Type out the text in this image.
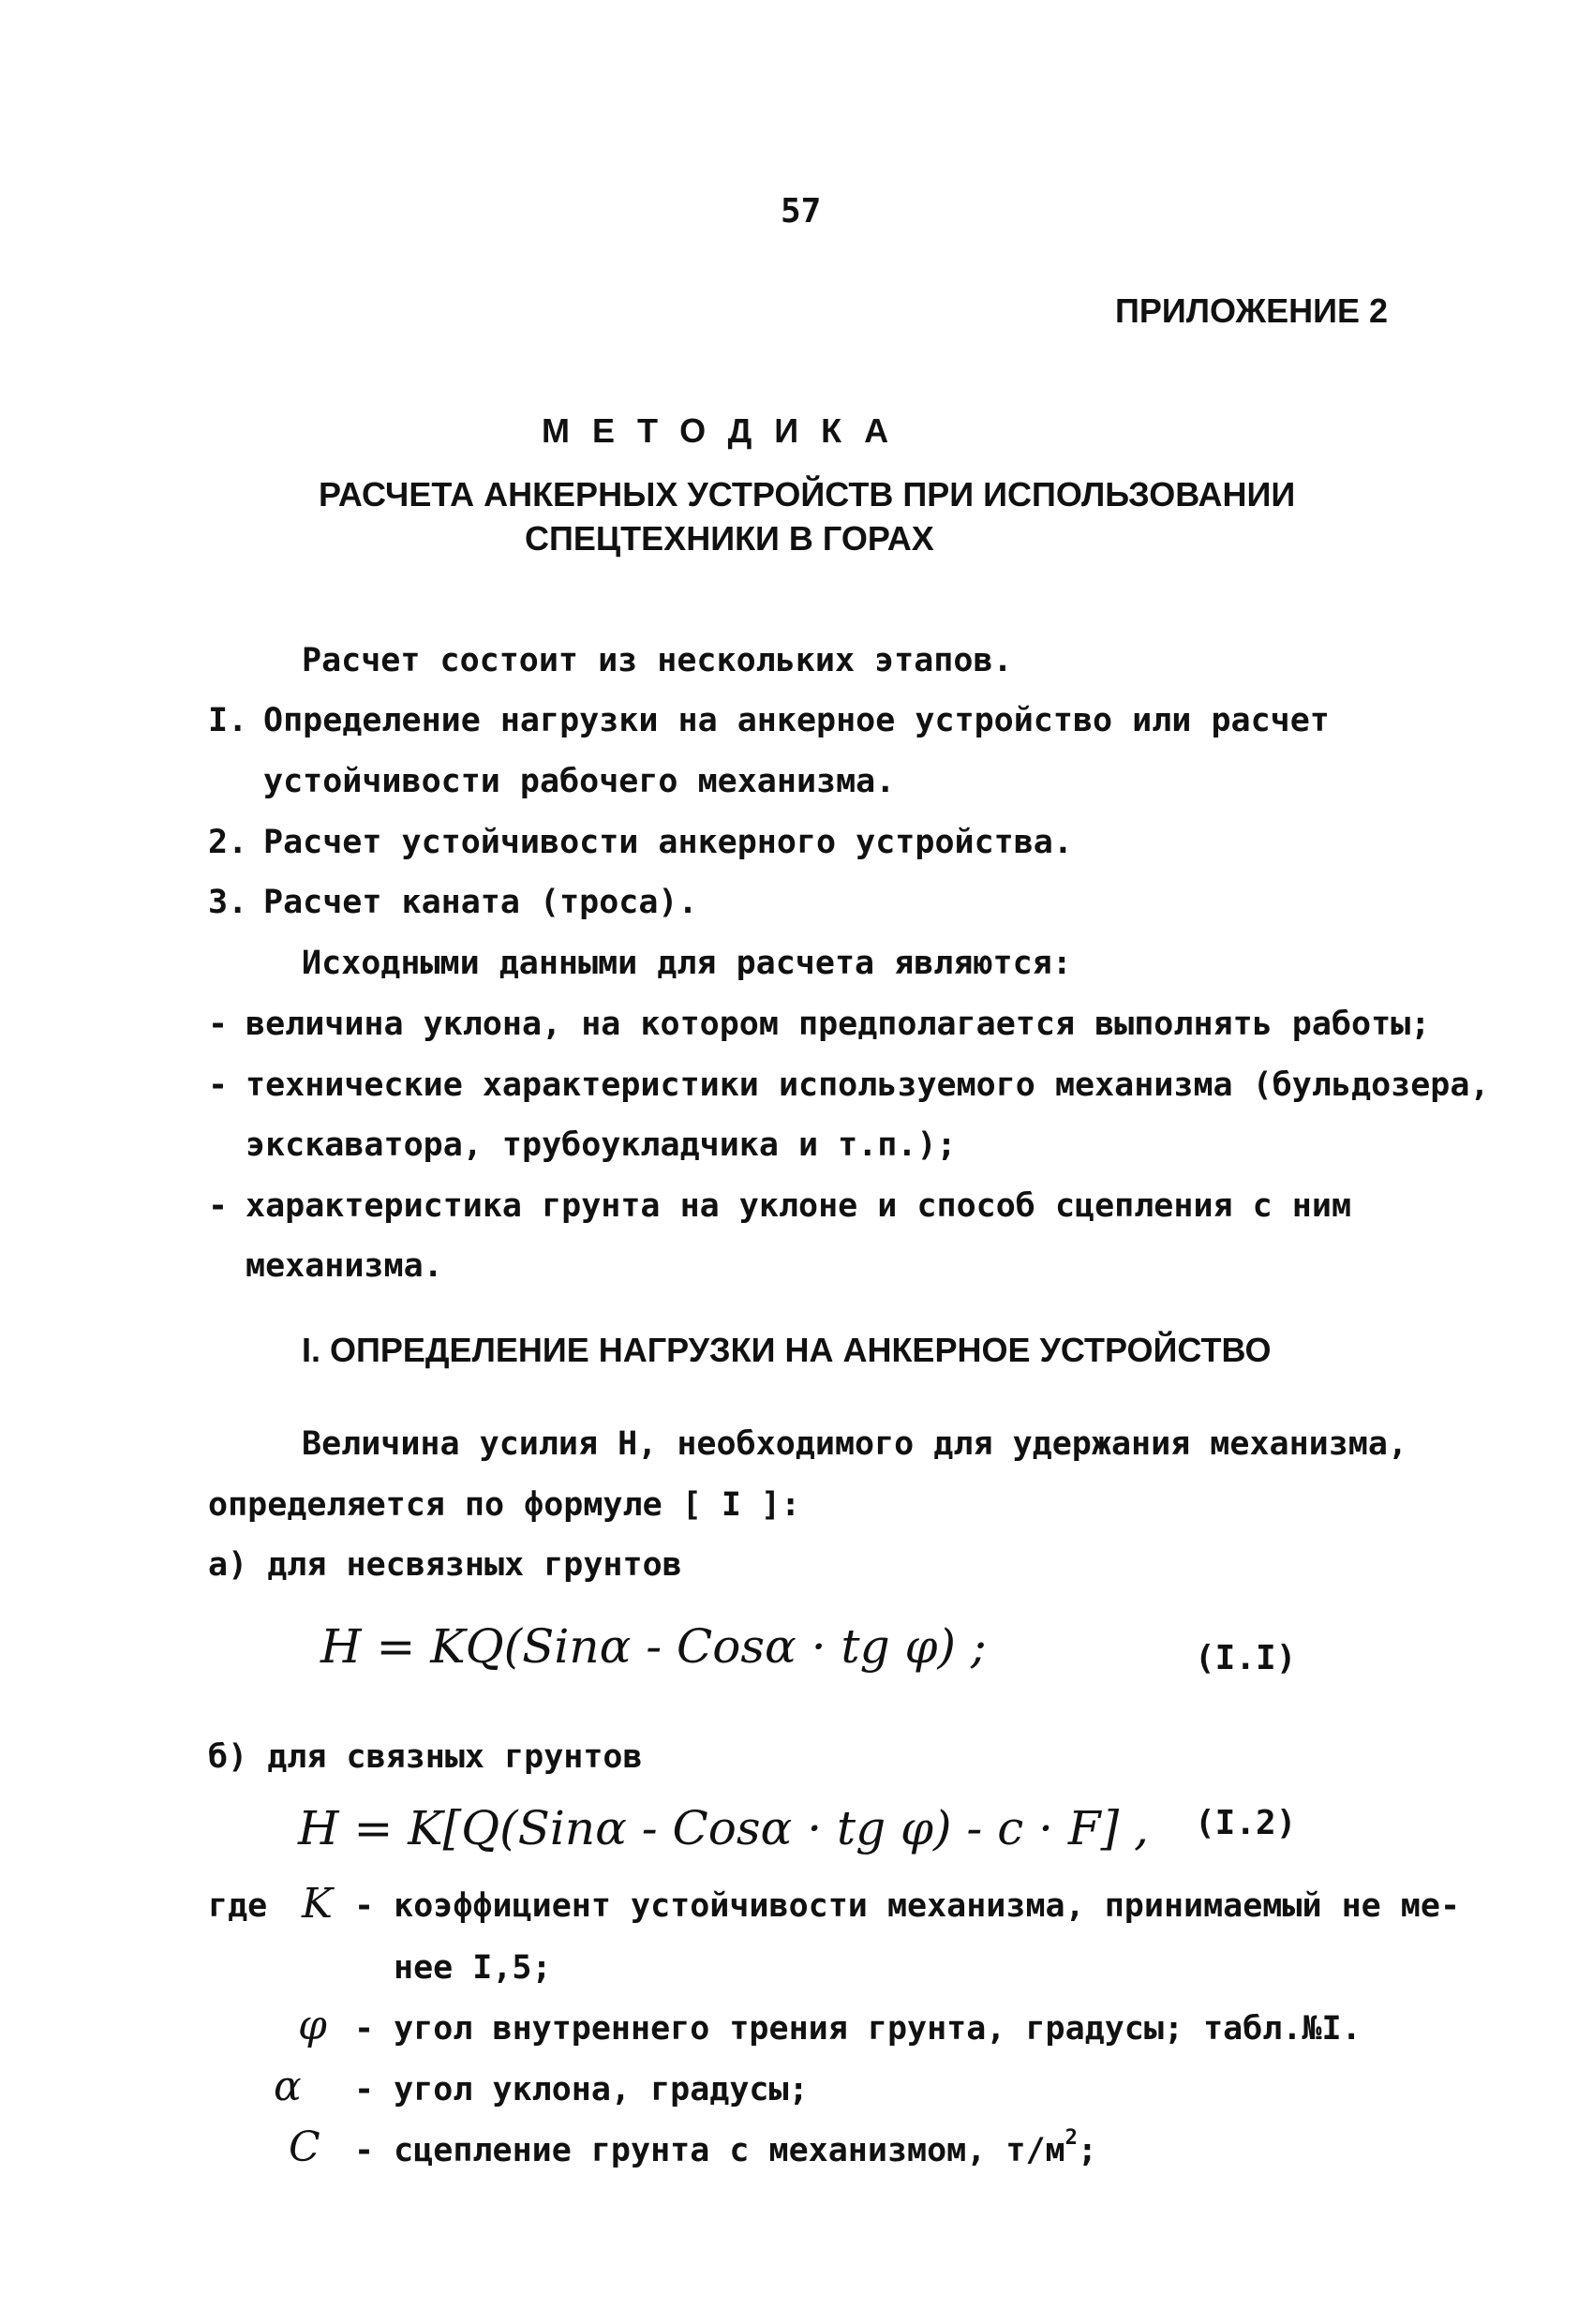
57
ПРИЛОЖЕНИЕ 2
МЕТОДИКА
РАСЧЕТА АНКЕРНЫХ УСТРОЙСТВ ПРИ ИСПОЛЬЗОВАНИИ
СПЕЦТЕХНИКИ В ГОРАХ
Расчет состоит из нескольких этапов.
I. Определение нагрузки на анкерное устройство или расчет
устойчивости рабочего механизма.
2. Расчет устойчивости анкерного устройства.
3. Расчет каната (троса).
Исходными данными для расчета являются:
- величина уклона, на котором предполагается выполнять работы;
- технические характеристики используемого механизма (бульдозера,
экскаватора, трубоукладчика и т.п.);
- характеристика грунта на уклоне и способ сцепления с ним
механизма.
I. ОПРЕДЕЛЕНИЕ НАГРУЗКИ НА АНКЕРНОЕ УСТРОЙСТВО
Величина усилия Н, необходимого для удержания механизма,
определяется по формуле [ I ]:
а) для несвязных грунтов
H = KQ(Sinα - Cosα · tg φ) ;	(I.I)
б) для связных грунтов
H = K[Q(Sinα - Cosα · tg φ) - c · F] , (I.2)
где K - коэффициент устойчивости механизма, принимаемый не ме-
нее I,5;
φ - угол внутреннего трения грунта, градусы; табл.№I.
α - угол уклона, градусы;
C - сцепление грунта с механизмом, $т/м^2$;
